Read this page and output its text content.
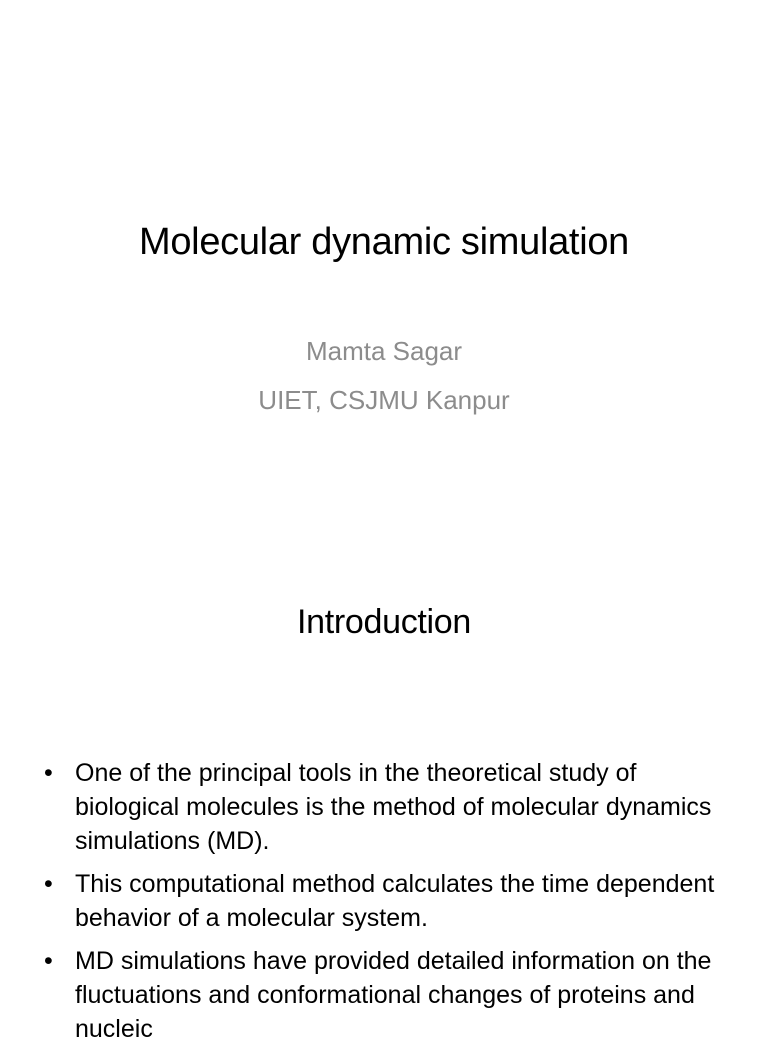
Molecular dynamic simulation
Mamta Sagar
UIET, CSJMU Kanpur
Introduction
• One of the principal tools in the theoretical study of biological molecules is the method of molecular dynamics simulations (MD).
• This computational method calculates the time dependent behavior of a molecular system.
• MD simulations have provided detailed information on the fluctuations and conformational changes of proteins and nucleic
